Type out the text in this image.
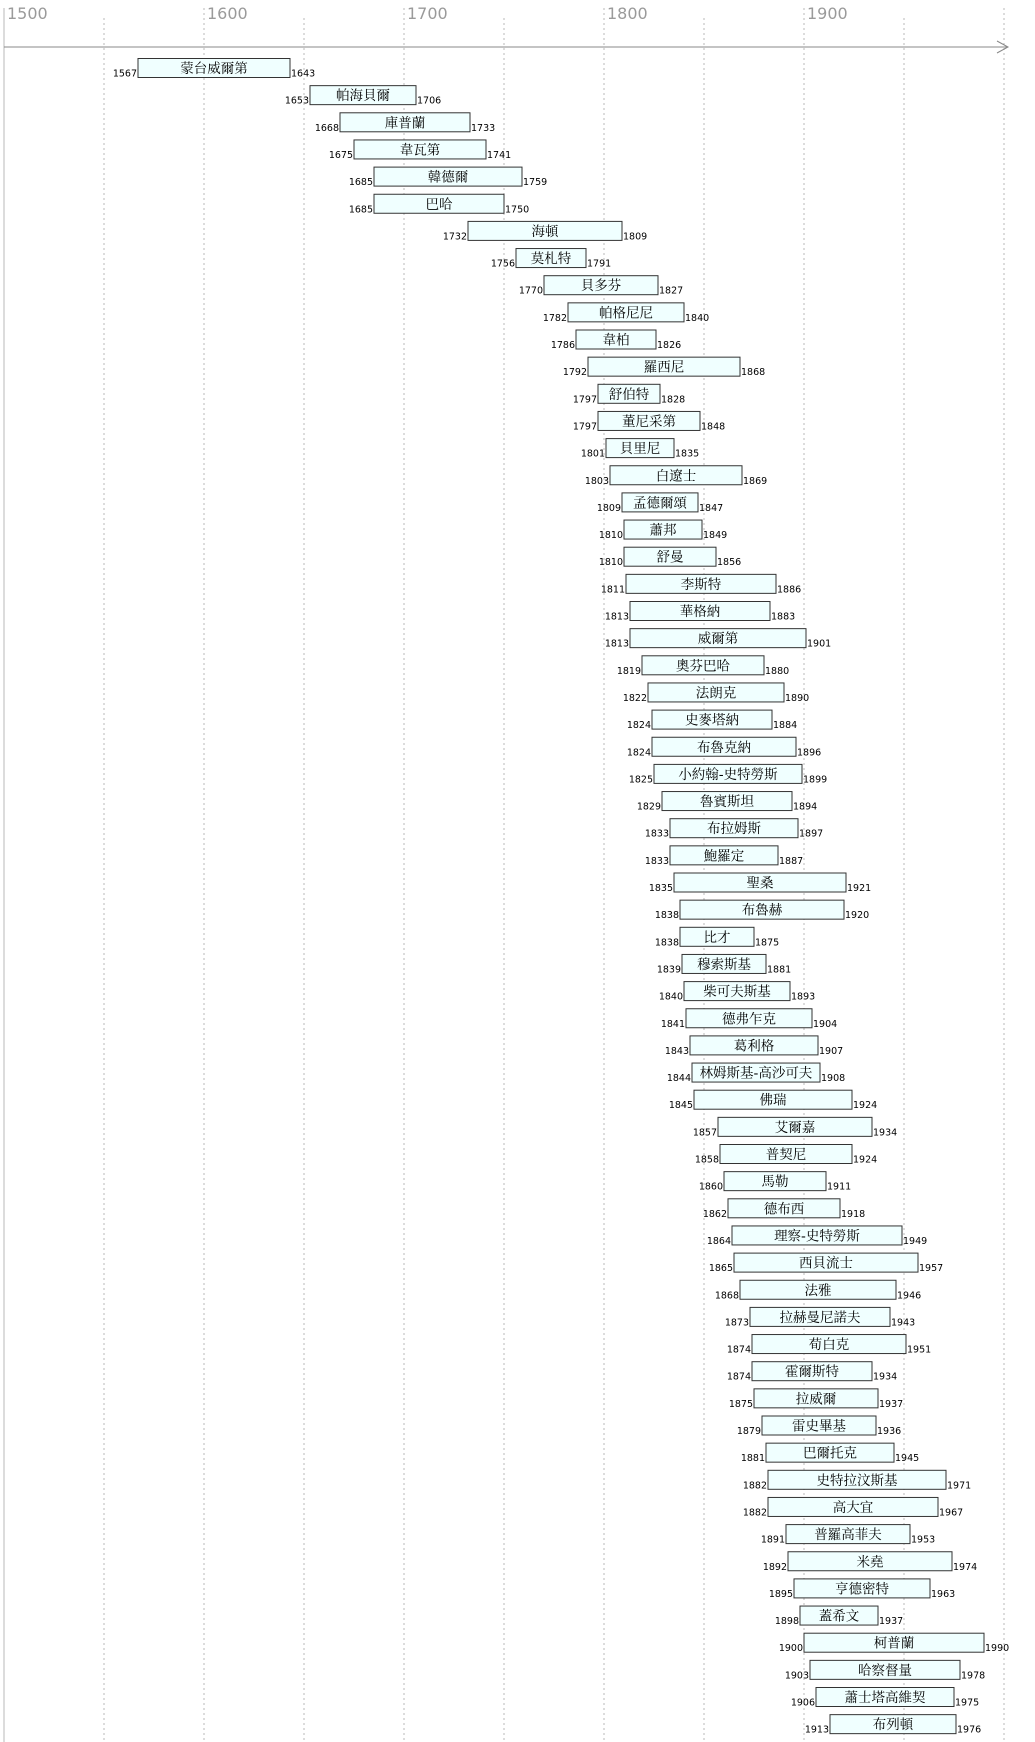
1500	1600	1700	1800	1900
蒙台威爾第
1567	1643
帕海貝爾
1653	1706
庫普蘭
1668	1733
韋瓦第
1675	1741
韓德爾
1685	1759
巴哈
1685	1750
海頓
1732	1809
莫札特
1756	1791
貝多芬
1770	1827
帕格尼尼
1782	1840
韋柏
1786	1826
羅西尼
1792	1868
舒伯特
1797	1828
董尼采第
1797	1848
貝里尼
1801	1835
白遼士
1803	1869
孟德爾頌
1809	1847
蕭邦
1810	1849
舒曼
1810	1856
李斯特
1811	1886
華格納
1813	1883
威爾第
1813	1901
奧芬巴哈
1819	1880
法朗克
1822	1890
史麥塔納
1824	1884
布魯克納
1824	1896
小約翰-史特勞斯
1825	1899
魯賓斯坦
1829	1894
布拉姆斯
1833	1897
鮑羅定
1833	1887
聖桑
1835	1921
布魯赫
1838	1920
比才
1838	1875
穆索斯基
1839	1881
柴可夫斯基
1840	1893
德弗乍克
1841	1904
葛利格
1843	1907
林姆斯基-高沙可夫
1844	1908
佛瑞
1845	1924
艾爾嘉
1857	1934
普契尼
1858	1924
馬勒
1860	1911
德布西
1862	1918
理察-史特勞斯
1864	1949
西貝流士
1865	1957
法雅
1868	1946
拉赫曼尼諾夫
1873	1943
荀白克
1874	1951
霍爾斯特
1874	1934
拉威爾
1875	1937
雷史畢基
1879	1936
巴爾托克
1881	1945
史特拉汶斯基
1882	1971
高大宜
1882	1967
普羅高菲夫
1891	1953
米堯
1892	1974
亨德密特
1895	1963
蓋希文
1898	1937
柯普蘭
1900	1990
哈察督量
1903	1978
蕭士塔高維契
1906	1975
布列頓
1913	1976
